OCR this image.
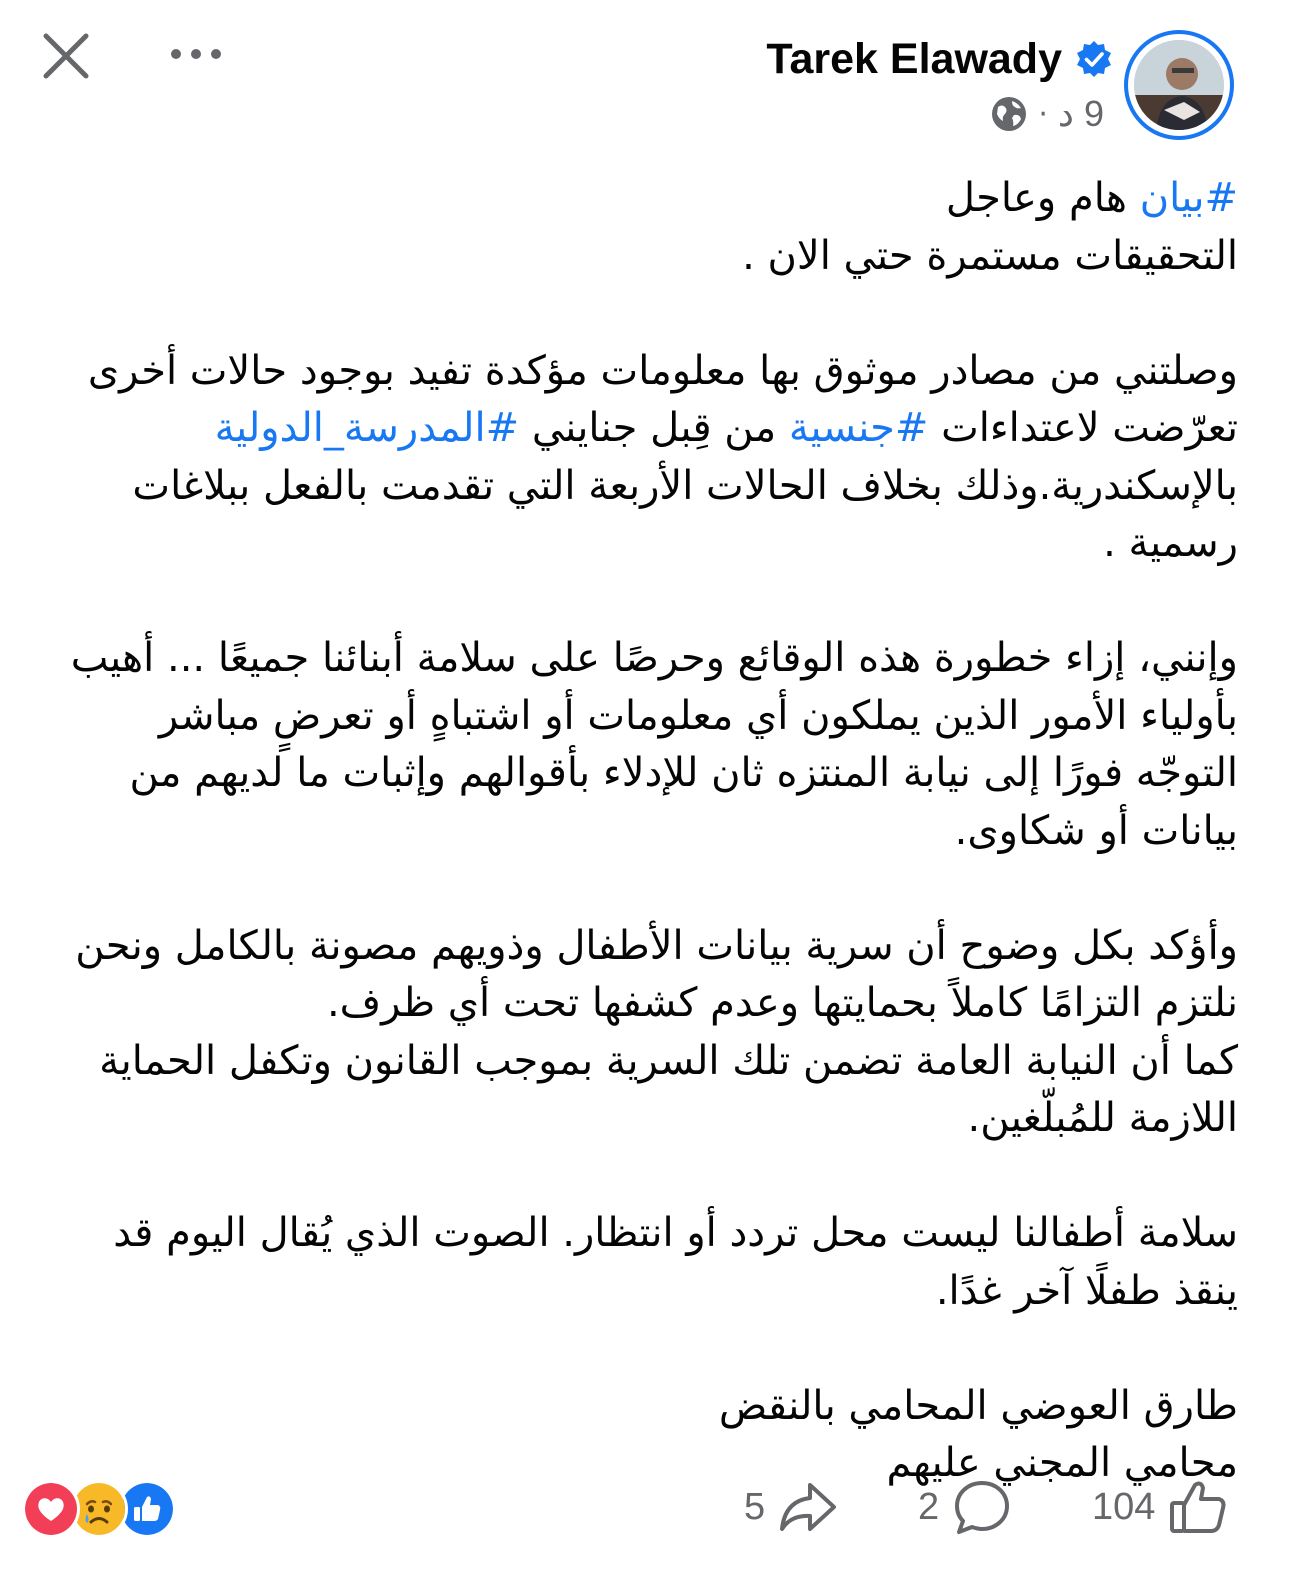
Tarek Elawady
· 9 د
#بيان هام وعاجل
التحقيقات مستمرة حتي الان .
وصلتني من مصادر موثوق بها معلومات مؤكدة تفيد بوجود حالات أخرى
تعرّضت لاعتداءات #جنسية من قِبل جنايني #المدرسة_الدولية
بالإسكندرية.وذلك بخلاف الحالات الأربعة التي تقدمت بالفعل ببلاغات
رسمية .
وإنني، إزاء خطورة هذه الوقائع وحرصًا على سلامة أبنائنا جميعًا ... أهيب
بأولياء الأمور الذين يملكون أي معلومات أو اشتباهٍ أو تعرضٍ مباشر
التوجّه فورًا إلى نيابة المنتزه ثان للإدلاء بأقوالهم وإثبات ما لديهم من
بيانات أو شكاوى.
وأؤكد بكل وضوح أن سرية بيانات الأطفال وذويهم مصونة بالكامل ونحن
نلتزم التزامًا كاملاً بحمايتها وعدم كشفها تحت أي ظرف.
كما أن النيابة العامة تضمن تلك السرية بموجب القانون وتكفل الحماية
اللازمة للمُبلّغين.
سلامة أطفالنا ليست محل تردد أو انتظار. الصوت الذي يُقال اليوم قد
ينقذ طفلًا آخر غدًا.
طارق العوضي المحامي بالنقض
محامي المجني عليهم
5	2	104
